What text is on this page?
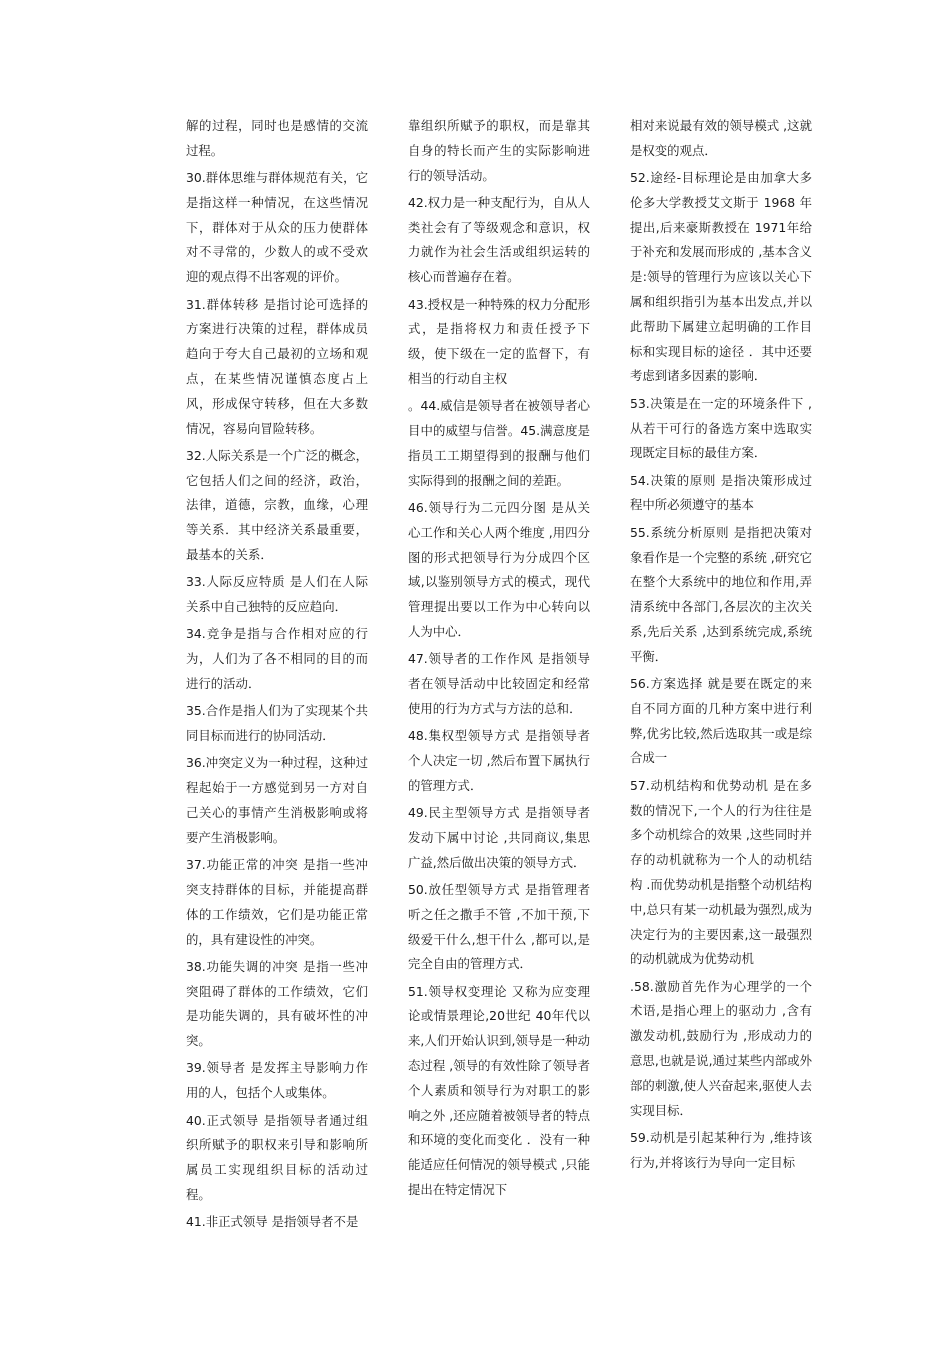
解的过程，同时也是感情的交流过程。

30.群体思维与群体规范有关，它是指这样一种情况，在这些情况下，群体对于从众的压力使群体对不寻常的，少数人的或不受欢迎的观点得不出客观的评价。

31.群体转移 是指讨论可选择的方案进行决策的过程，群体成员趋向于夸大自己最初的立场和观点，在某些情况谨慎态度占上风，形成保守转移，但在大多数情况，容易向冒险转移。

32.人际关系是一个广泛的概念，它包括人们之间的经济，政治，法律，道德，宗教，血缘，心理等关系．其中经济关系最重要，最基本的关系．

33.人际反应特质 是人们在人际关系中自己独特的反应趋向．

34.竞争是指与合作相对应的行为，人们为了各不相同的目的而进行的活动．

35.合作是指人们为了实现某个共同目标而进行的协同活动．

36.冲突定义为一种过程，这种过程起始于一方感觉到另一方对自己关心的事情产生消极影响或将要产生消极影响。

37.功能正常的冲突 是指一些冲突支持群体的目标，并能提高群体的工作绩效，它们是功能正常的，具有建设性的冲突。

38.功能失调的冲突 是指一些冲突阻碍了群体的工作绩效，它们是功能失调的，具有破坏性的冲突。

39.领导者 是发挥主导影响力作用的人，包括个人或集体。

40.正式领导 是指领导者通过组织所赋予的职权来引导和影响所属员工实现组织目标的活动过程。

41.非正式领导 是指领导者不是

靠组织所赋予的职权，而是靠其自身的特长而产生的实际影响进行的领导活动。

42.权力是一种支配行为，自从人类社会有了等级观念和意识，权力就作为社会生活或组织运转的核心而普遍存在着。

43.授权是一种特殊的权力分配形式，是指将权力和责任授予下级，使下级在一定的监督下，有相当的行动自主权

。44.威信是领导者在被领导者心目中的威望与信誉。45.满意度是指员工工期望得到的报酬与他们实际得到的报酬之间的差距。

46.领导行为二元四分图 是从关心工作和关心人两个维度 ,用四分图的形式把领导行为分成四个区域,以鉴别领导方式的模式，现代管理提出要以工作为中心转向以人为中心．

47.领导者的工作作风 是指领导者在领导活动中比较固定和经常使用的行为方式与方法的总和．

48.集权型领导方式 是指领导者个人决定一切 ,然后布置下属执行的管理方式．

49.民主型领导方式 是指领导者发动下属中讨论 ,共同商议,集思广益,然后做出决策的领导方式．

50.放任型领导方式 是指管理者听之任之撒手不管 ,不加干预,下级爱干什么,想干什么 ,都可以,是完全自由的管理方式．

51.领导权变理论 又称为应变理论或情景理论,20世纪 40年代以来,人们开始认识到,领导是一种动态过程 ,领导的有效性除了领导者个人素质和领导行为对职工的影响之外 ,还应随着被领导者的特点和环境的变化而变化 ．没有一种能适应任何情况的领导模式 ,只能提出在特定情况下

相对来说最有效的领导模式 ,这就是权变的观点．

52.途经-目标理论是由加拿大多伦多大学教授艾文斯于 1968 年提出,后来豪斯教授在 1971年给于补充和发展而形成的 ,基本含义是:领导的管理行为应该以关心下属和组织指引为基本出发点,并以此帮助下属建立起明确的工作目标和实现目标的途径 ．其中还要考虑到诸多因素的影响．

53.决策是在一定的环境条件下 ,从若干可行的备选方案中选取实现既定目标的最佳方案．

54.决策的原则 是指决策形成过程中所必须遵守的基本

55.系统分析原则 是指把决策对象看作是一个完整的系统 ,研究它在整个大系统中的地位和作用,弄清系统中各部门,各层次的主次关系,先后关系 ,达到系统完成,系统平衡．

56.方案选择 就是要在既定的来自不同方面的几种方案中进行利弊,优劣比较,然后选取其一或是综合成一

57.动机结构和优势动机 是在多数的情况下,一个人的行为往往是多个动机综合的效果 ,这些同时并存的动机就称为一个人的动机结构 .而优势动机是指整个动机结构中,总只有某一动机最为强烈,成为决定行为的主要因素,这一最强烈的动机就成为优势动机

.58.激励首先作为心理学的一个术语,是指心理上的驱动力 ,含有激发动机,鼓励行为 ,形成动力的意思,也就是说,通过某些内部或外部的刺激,使人兴奋起来,驱使人去实现目标．

59.动机是引起某种行为 ,维持该行为,并将该行为导向一定目标
